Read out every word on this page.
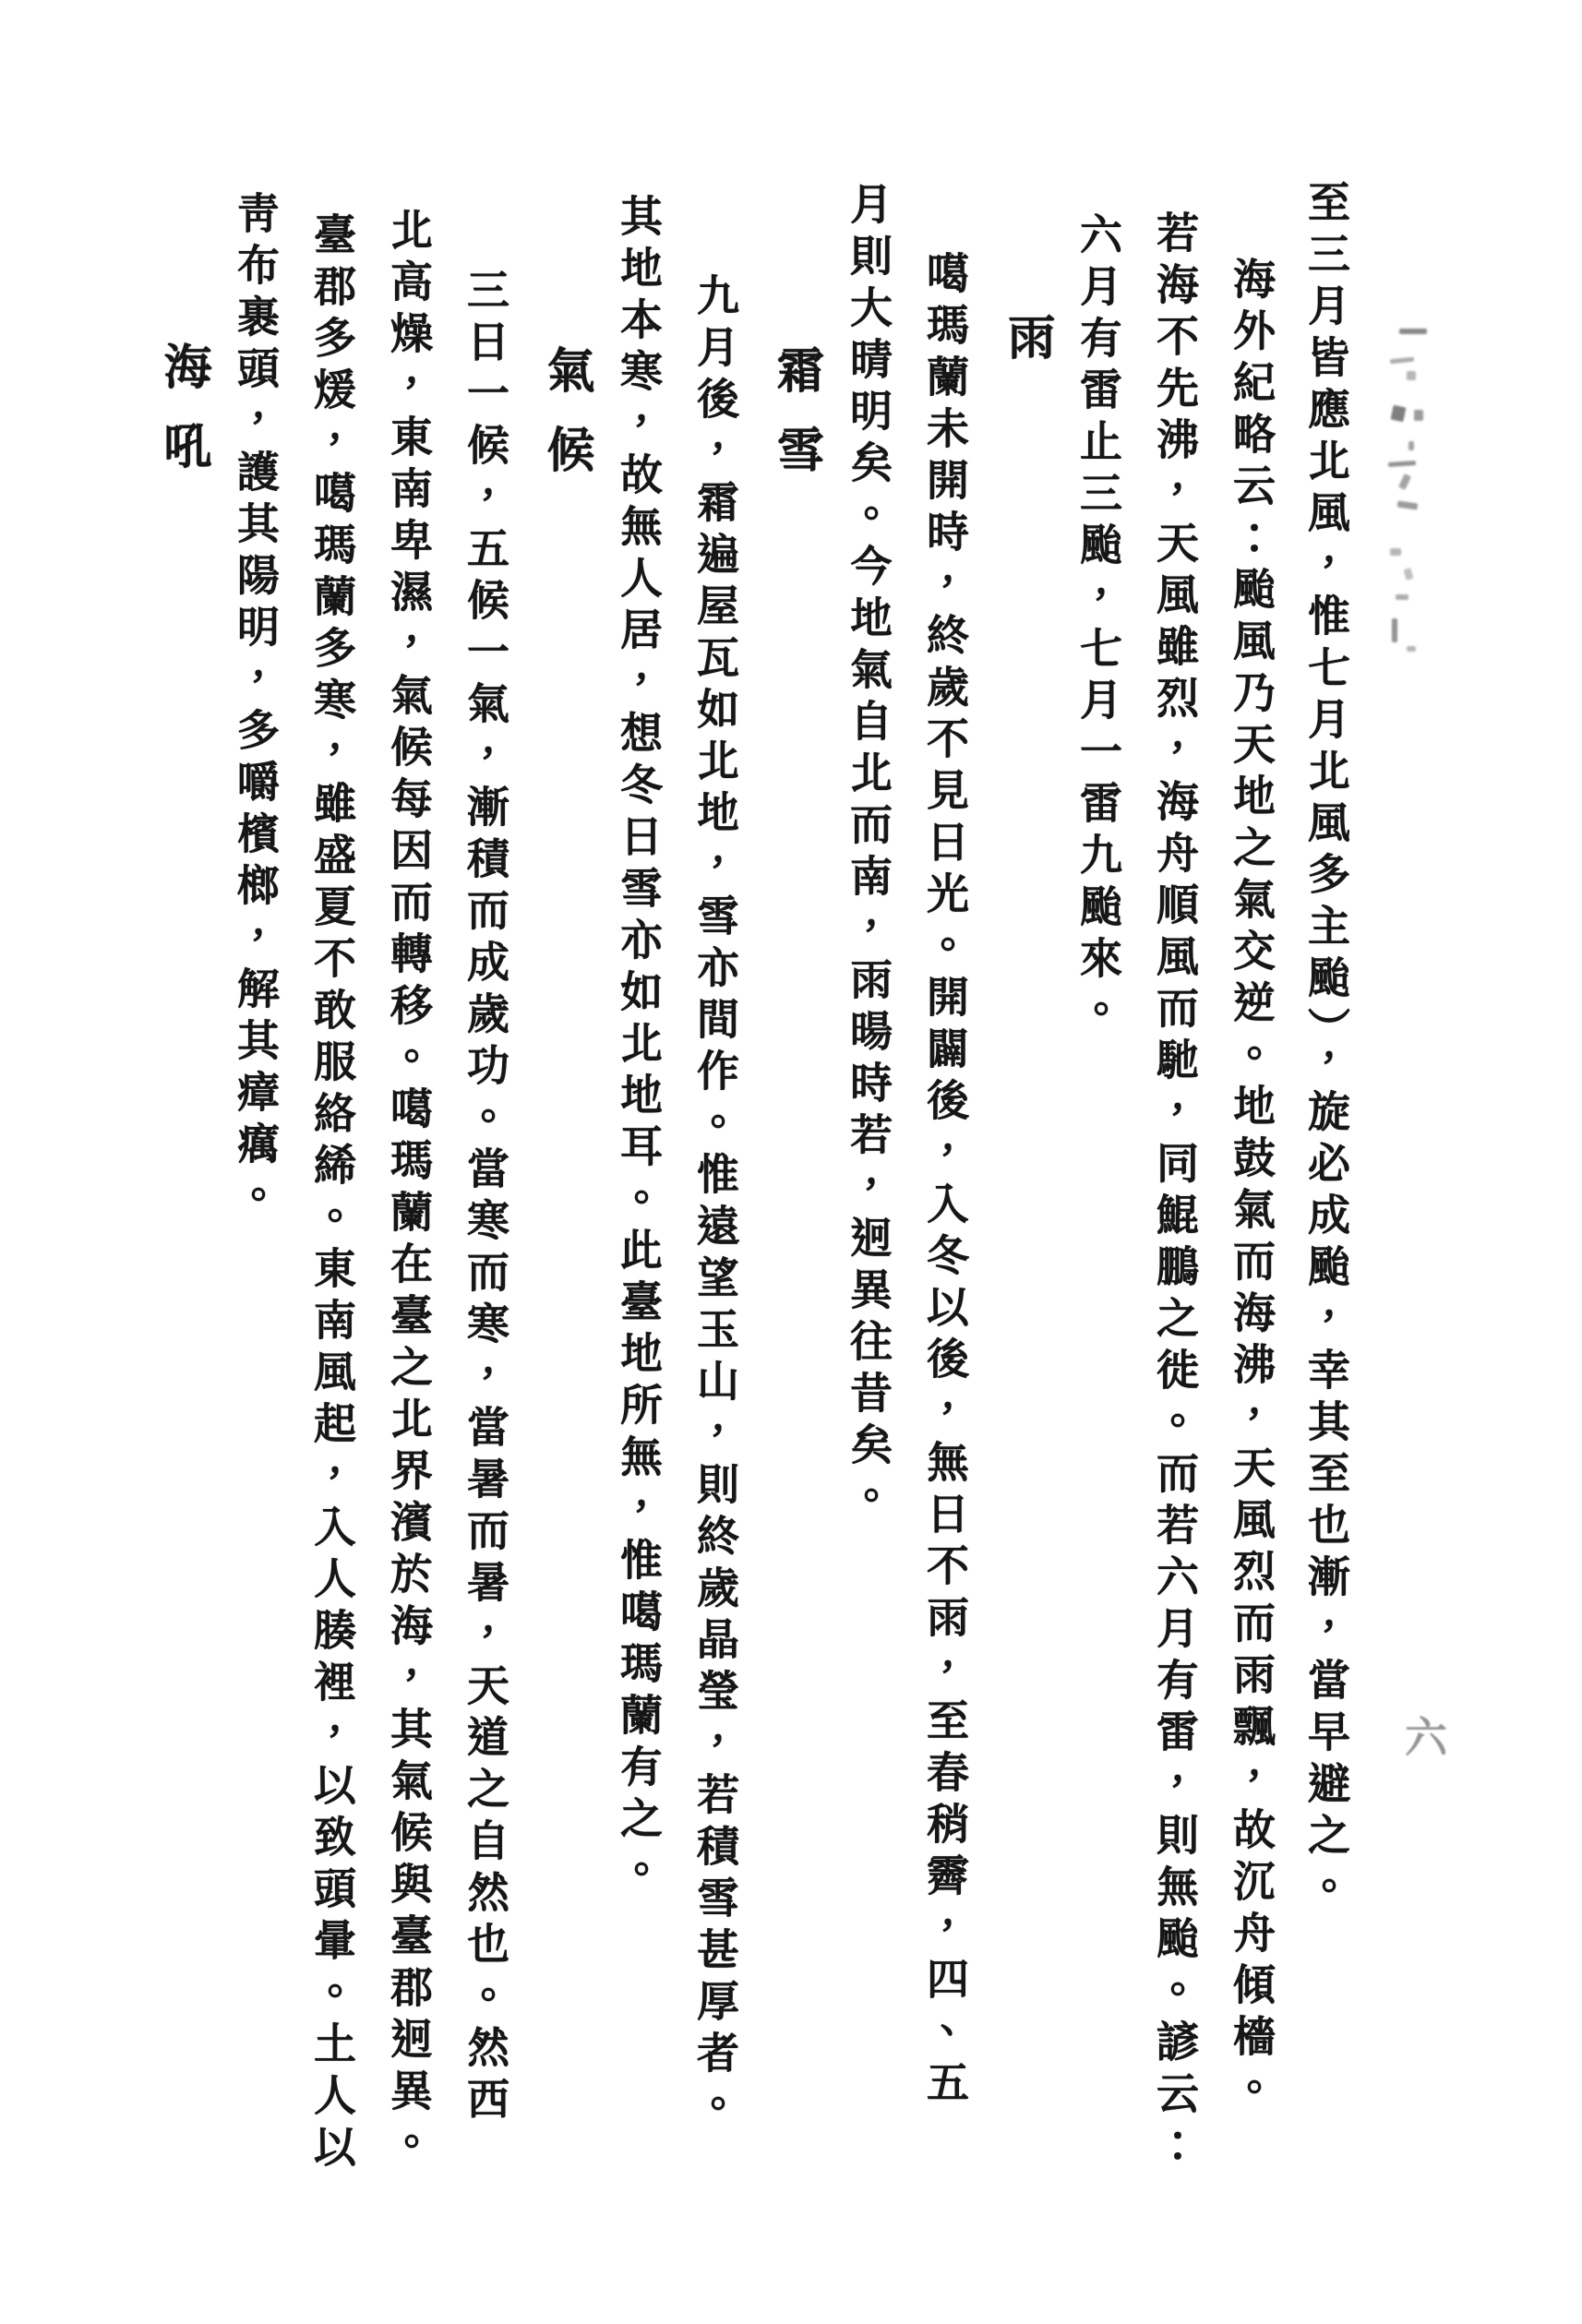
至三月皆應北風，惟七月北風多主颱），旋必成颱，幸其至也漸，當早避之。
海外紀略云：颱風乃天地之氣交逆。地鼓氣而海沸，天風烈而雨飄，故沉舟傾檣。
若海不先沸，天風雖烈，海舟順風而馳，同鯤鵬之徙。而若六月有雷，則無颱。諺云：
六月有雷止三颱，七月一雷九颱來。
雨
噶瑪蘭未開時，終歲不見日光。開闢後，入冬以後，無日不雨，至春稍霽，四、五
月則大晴明矣。今地氣自北而南，雨暘時若，迥異往昔矣。
霜雪
九月後，霜遍屋瓦如北地，雪亦間作。惟遠望玉山，則終歲晶瑩，若積雪甚厚者。
其地本寒，故無人居，想冬日雪亦如北地耳。此臺地所無，惟噶瑪蘭有之。
氣候
三日一候，五候一氣，漸積而成歲功。當寒而寒，當暑而暑，天道之自然也。然西
北高燥，東南卑濕，氣候每因而轉移。噶瑪蘭在臺之北界濱於海，其氣候與臺郡迥異。
臺郡多煖，噶瑪蘭多寒，雖盛夏不敢服絡絺。東南風起，入人腠裡，以致頭暈。土人以
靑布裹頭，護其陽明，多嚼檳榔，解其瘴癘。
海吼
六
